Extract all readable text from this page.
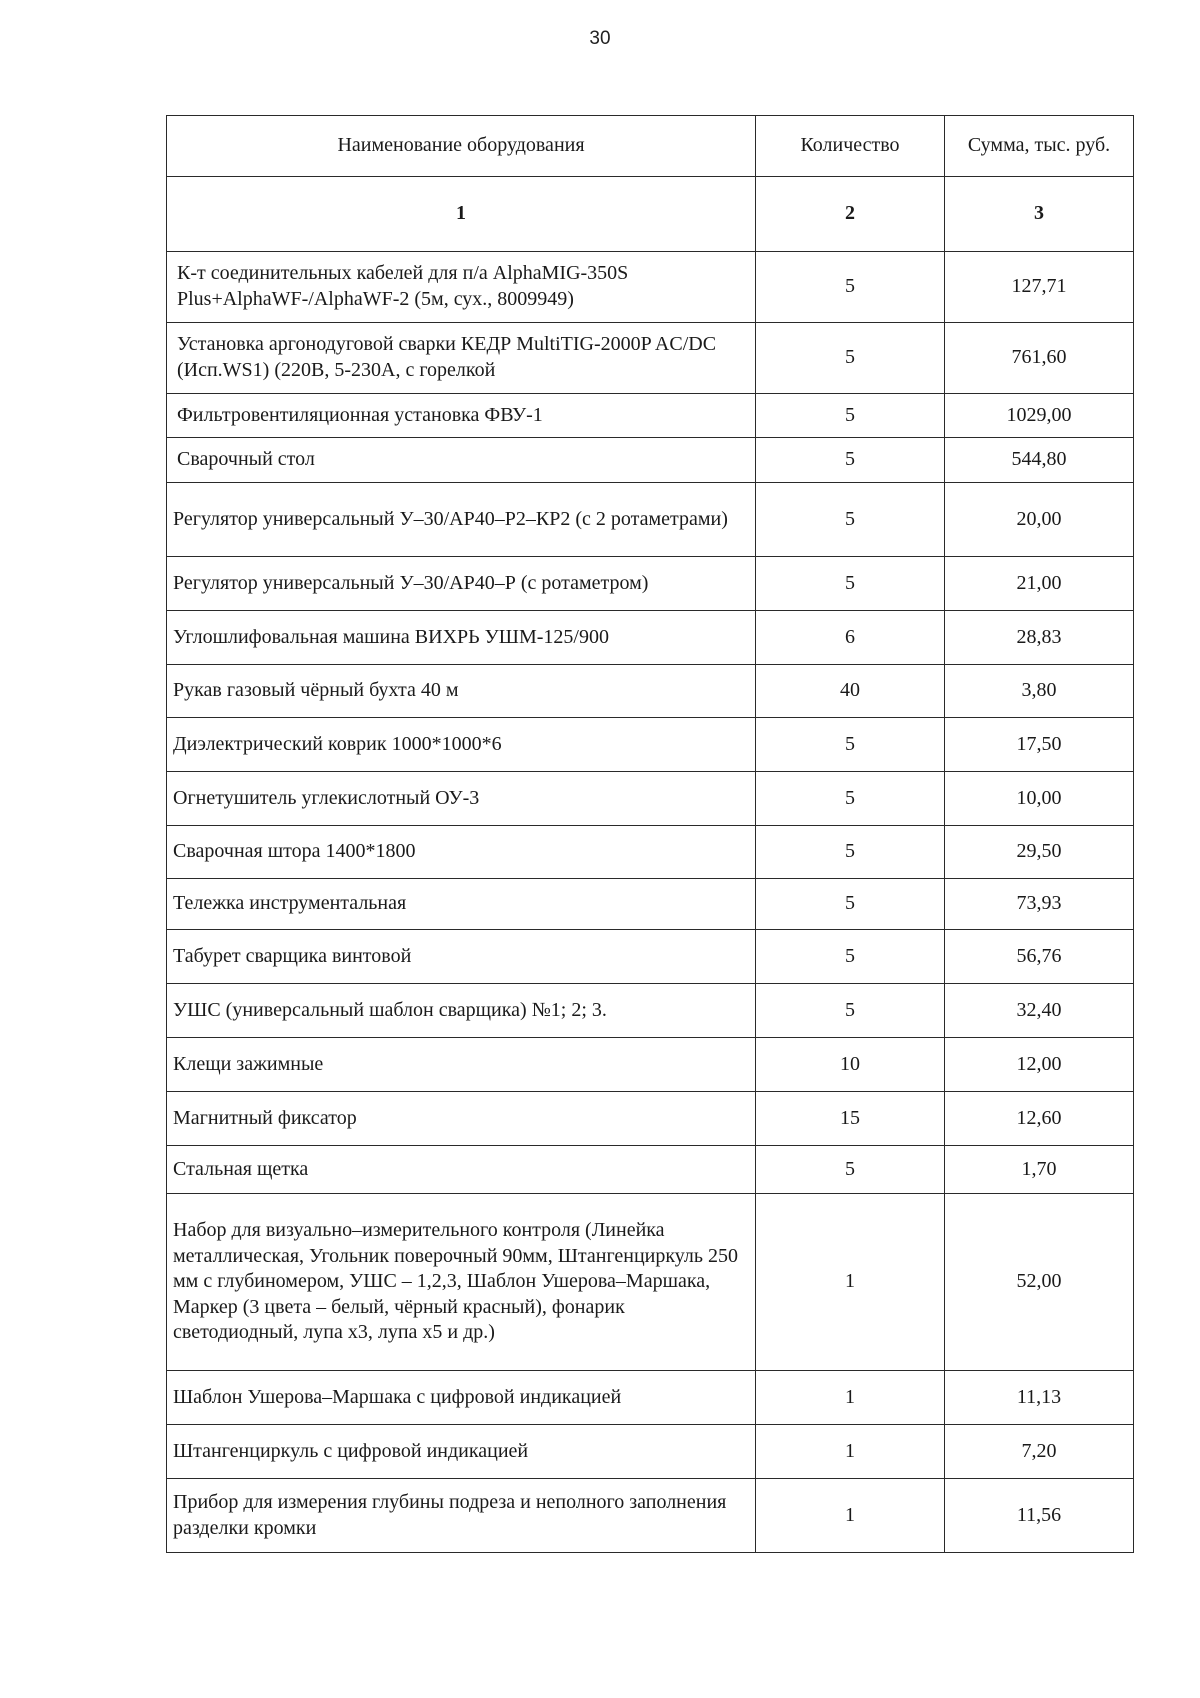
30
Наименование оборудования	Количество	Сумма, тыс. руб.
1	2	3
К-т соединительных кабелей для п/а AlphaMIG-350S Plus+AlphaWF-/AlphaWF-2 (5м, сух., 8009949)	5	127,71
Установка аргонодуговой сварки КЕДР MultiTIG-2000P AC/DC (Исп.WS1) (220В, 5-230А, с горелкой	5	761,60
Фильтровентиляционная установка ФВУ-1	5	1029,00
Сварочный стол	5	544,80
Регулятор универсальный У–30/АР40–Р2–КР2 (с 2 ротаметрами)	5	20,00
Регулятор универсальный У–30/АР40–Р (с ротаметром)	5	21,00
Углошлифовальная машина ВИХРЬ УШМ-125/900	6	28,83
Рукав газовый чёрный бухта 40 м	40	3,80
Диэлектрический коврик 1000*1000*6	5	17,50
Огнетушитель углекислотный ОУ-3	5	10,00
Сварочная штора 1400*1800	5	29,50
Тележка инструментальная	5	73,93
Табурет сварщика винтовой	5	56,76
УШС (универсальный шаблон сварщика) №1; 2; 3.	5	32,40
Клещи зажимные	10	12,00
Магнитный фиксатор	15	12,60
Стальная щетка	5	1,70
Набор для визуально–измерительного контроля (Линейка металлическая, Угольник поверочный 90мм, Штангенциркуль 250 мм с глубиномером, УШС – 1,2,3, Шаблон Ушерова–Маршака, Маркер (3 цвета – белый, чёрный красный), фонарик светодиодный, лупа x3, лупа x5 и др.)	1	52,00
Шаблон Ушерова–Маршака с цифровой индикацией	1	11,13
Штангенциркуль с цифровой индикацией	1	7,20
Прибор для измерения глубины подреза и неполного заполнения разделки кромки	1	11,56
